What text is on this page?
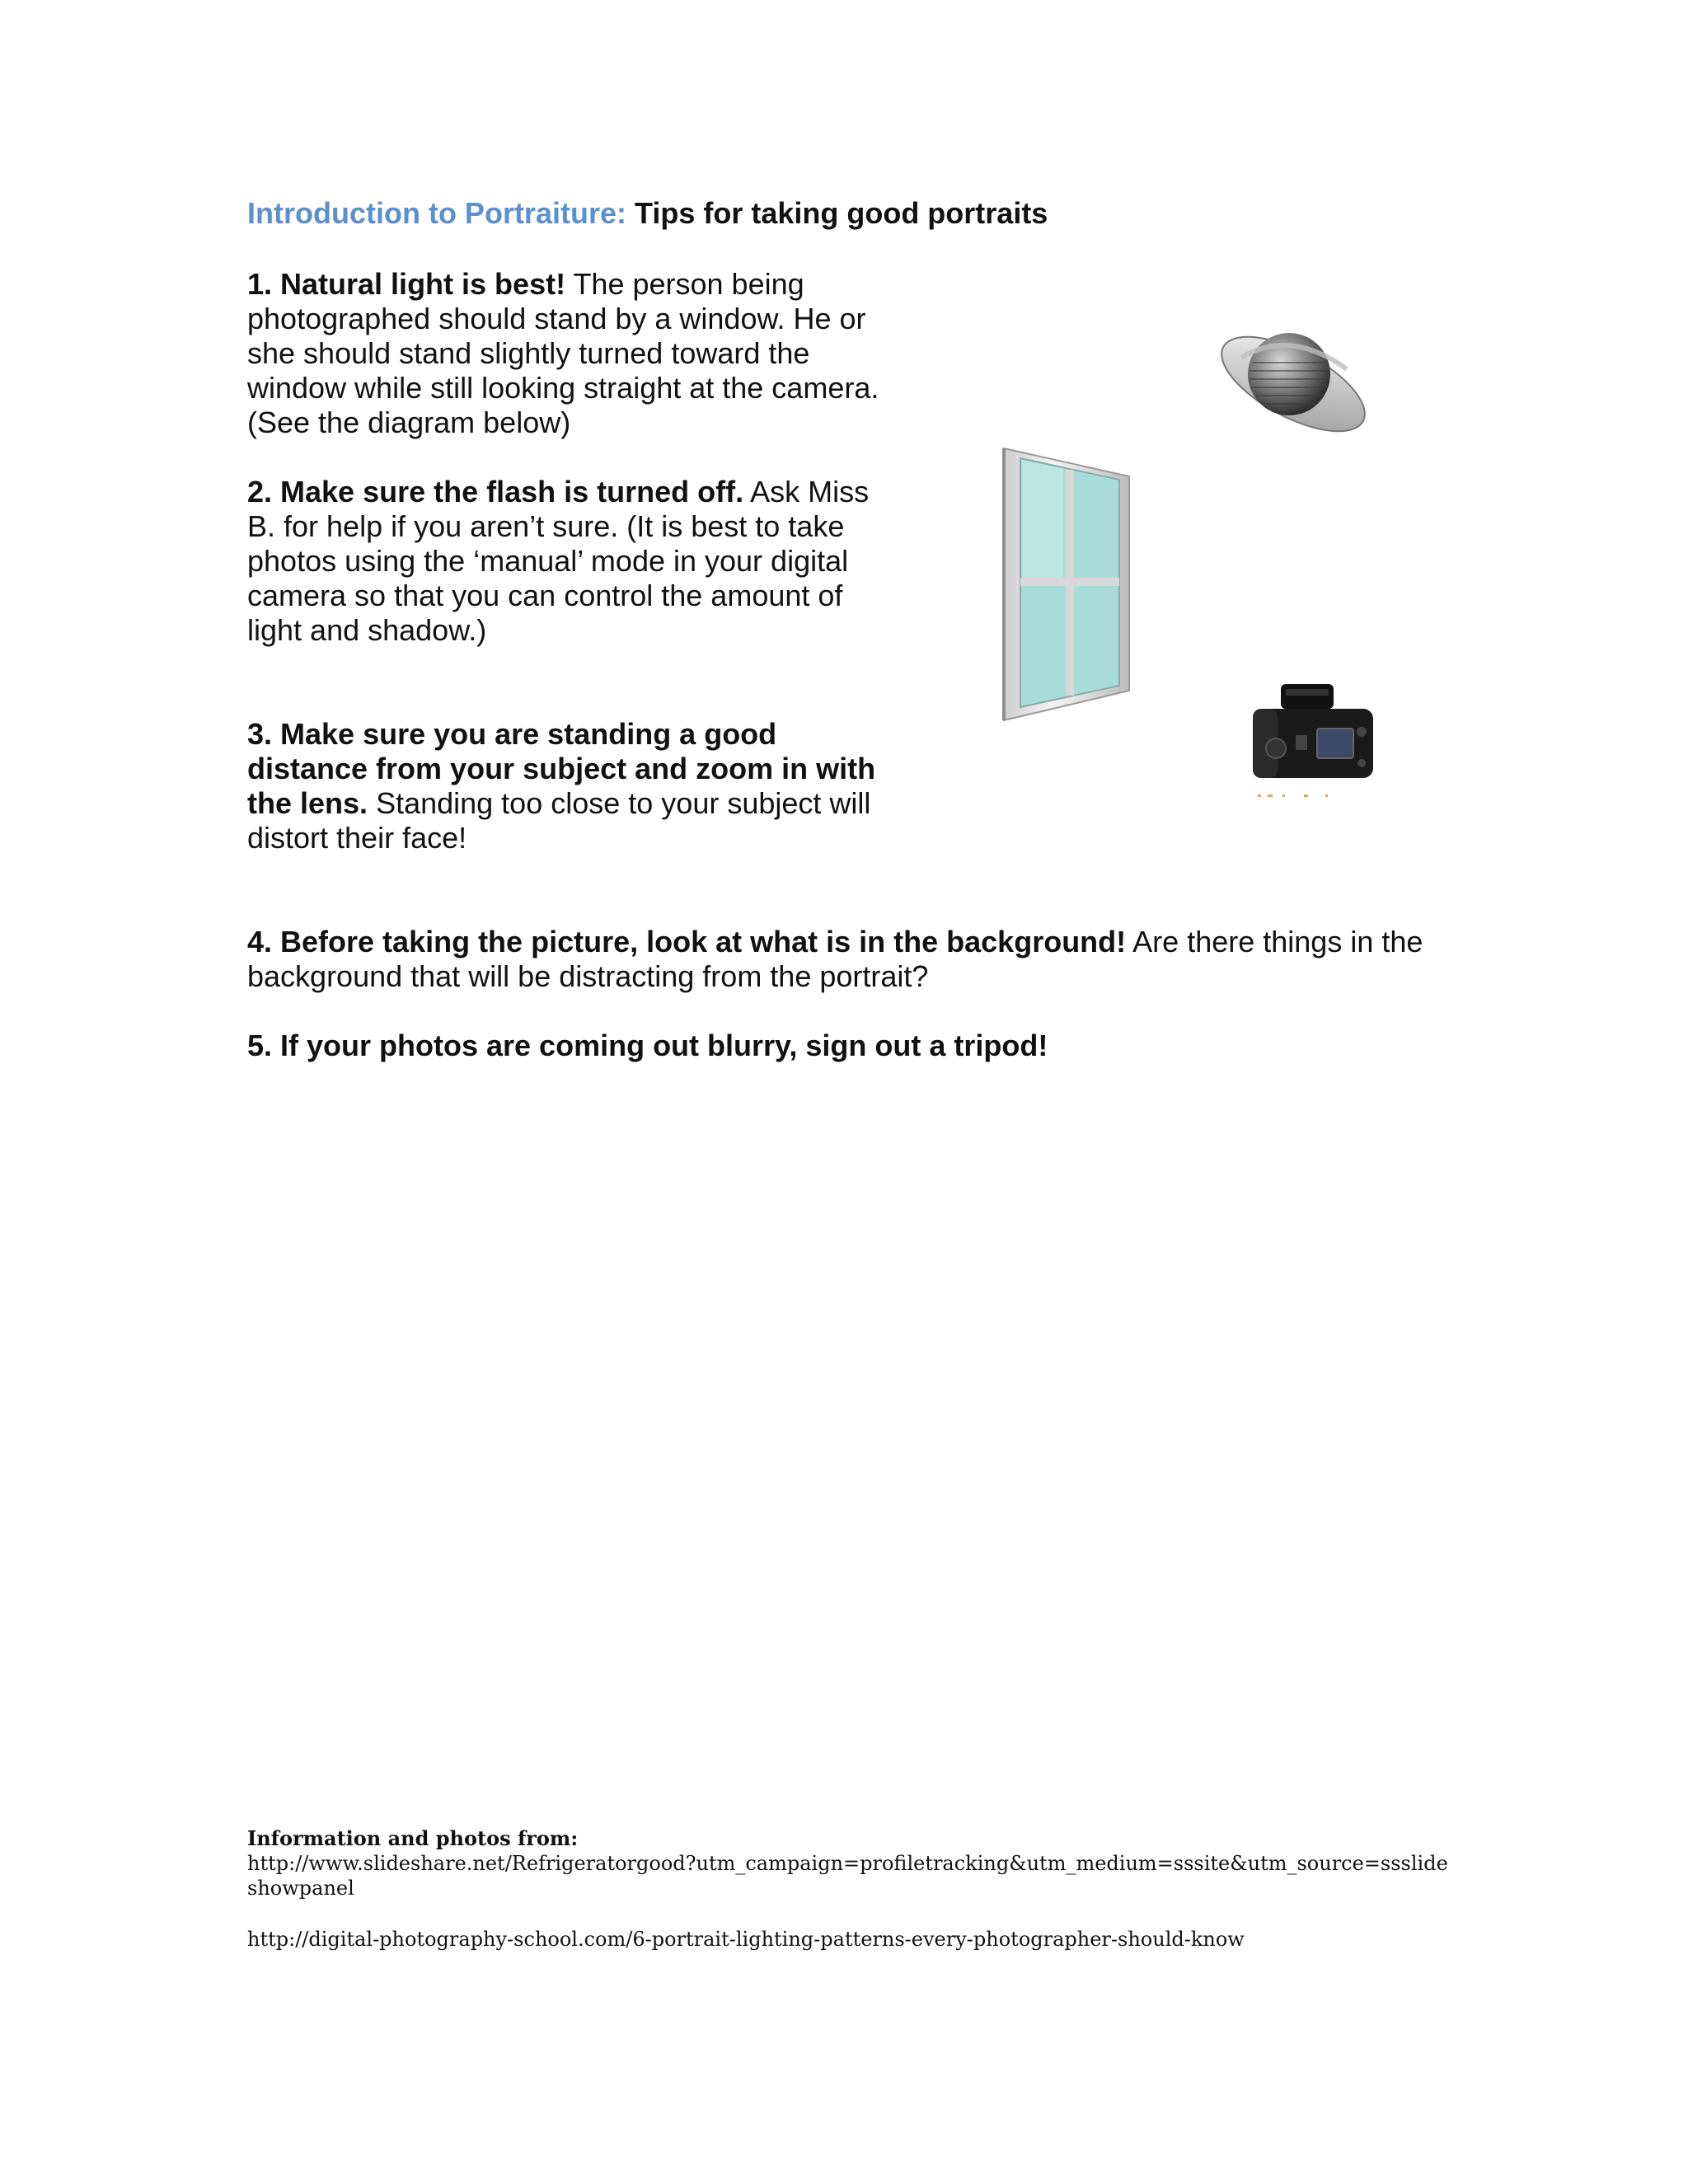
Introduction to Portraiture: Tips for taking good portraits
1. Natural light is best! The person being photographed should stand by a window. He or she should stand slightly turned toward the window while still looking straight at the camera. (See the diagram below)
2. Make sure the flash is turned off. Ask Miss B. for help if you aren’t sure. (It is best to take photos using the ‘manual’ mode in your digital camera so that you can control the amount of light and shadow.)
3. Make sure you are standing a good distance from your subject and zoom in with the lens. Standing too close to your subject will distort their face!
4. Before taking the picture, look at what is in the background! Are there things in the background that will be distracting from the portrait?
5. If your photos are coming out blurry, sign out a tripod!
Information and photos from:
http://www.slideshare.net/Refrigeratorgood?utm_campaign=profiletracking&utm_medium=sssite&utm_source=ssslideshowpanel
http://digital-photography-school.com/6-portrait-lighting-patterns-every-photographer-should-know
